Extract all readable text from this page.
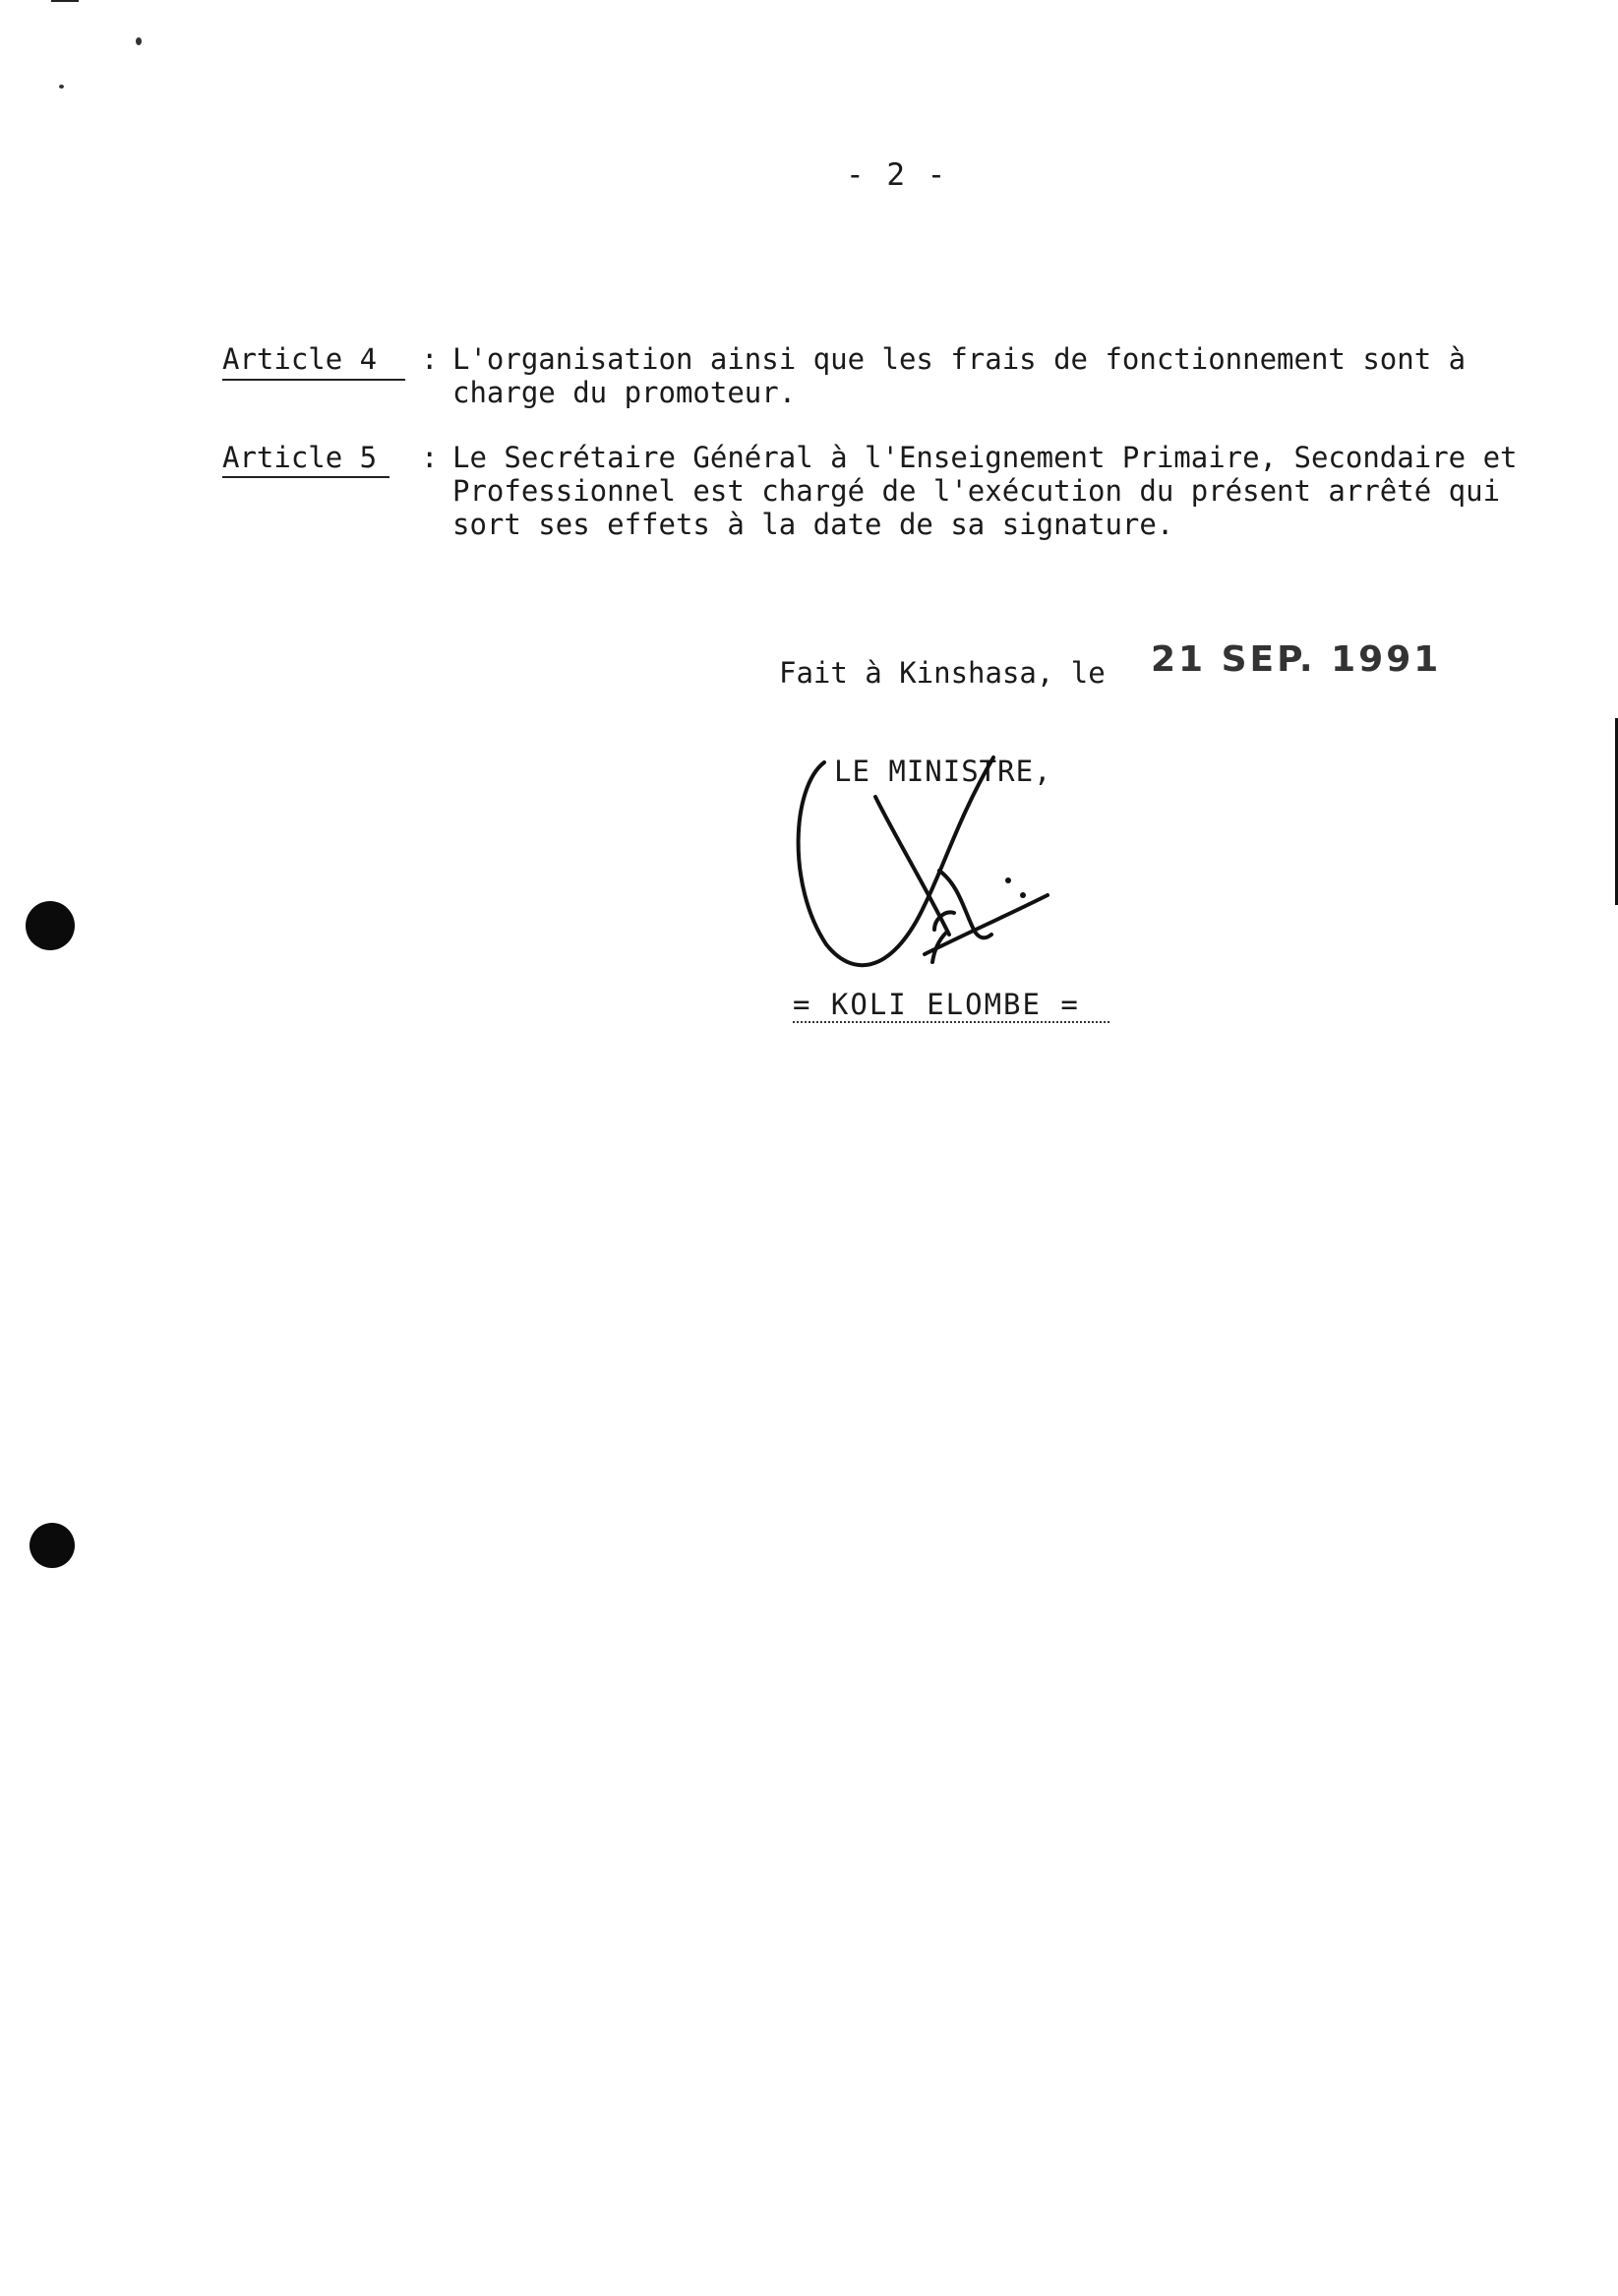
- 2 -
Article 4 : L'organisation ainsi que les frais de fonctionnement sont à
charge du promoteur.
Article 5 : Le Secrétaire Général à l'Enseignement Primaire, Secondaire et
Professionnel est chargé de l'exécution du présent arrêté qui
sort ses effets à la date de sa signature.
Fait à Kinshasa, le 21 SEP. 1991
LE MINISTRE,
= KOLI ELOMBE =
